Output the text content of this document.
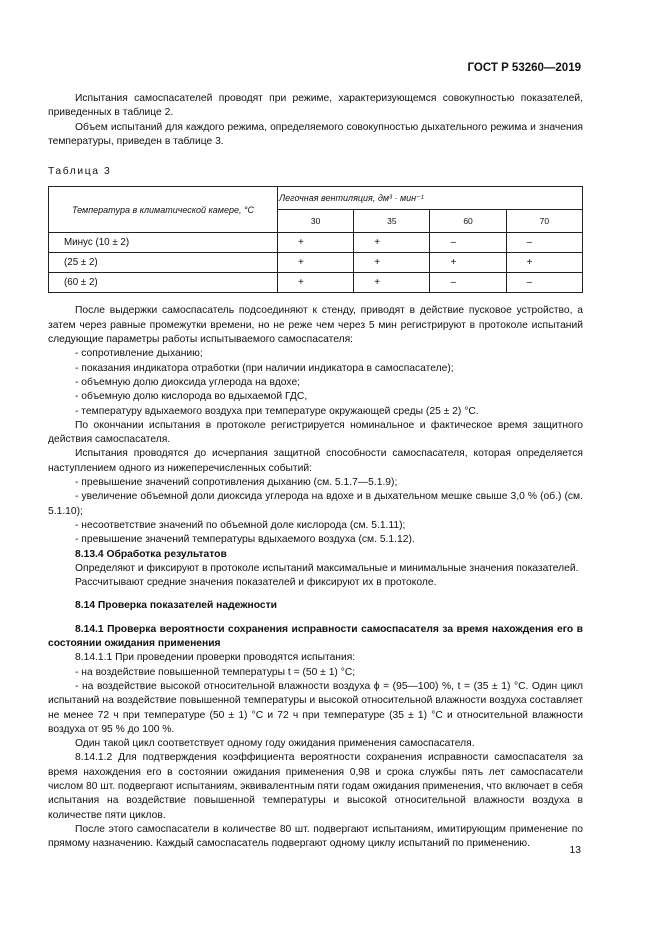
ГОСТ Р 53260—2019

Испытания самоспасателей проводят при режиме, характеризующемся совокупностью показателей, приведенных в таблице 2.

Объем испытаний для каждого режима, определяемого совокупностью дыхательного режима и значения температуры, приведен в таблице 3.

Таблица 3
Температура в климатической камере, °С	Легочная вентиляция, дм³ · мин⁻¹			
	30	35	60	70
Минус (10 ± 2)	+	+	–	–
(25 ± 2)	+	+	+	+
(60 ± 2)	+	+	–	–

После выдержки самоспасатель подсоединяют к стенду, приводят в действие пусковое устройство, а затем через равные промежутки времени, но не реже чем через 5 мин регистрируют в протоколе испытаний следующие параметры работы испытываемого самоспасателя:

- сопротивление дыханию;

- показания индикатора отработки (при наличии индикатора в самоспасателе);

- объемную долю диоксида углерода на вдохе;

- объемную долю кислорода во вдыхаемой ГДС,

- температуру вдыхаемого воздуха при температуре окружающей среды (25 ± 2) °С.

По окончании испытания в протоколе регистрируется номинальное и фактическое время защитного действия самоспасателя.

Испытания проводятся до исчерпания защитной способности самоспасателя, которая определяется наступлением одного из нижеперечисленных событий:

- превышение значений сопротивления дыханию (см. 5.1.7—5.1.9);

- увеличение объемной доли диоксида углерода на вдохе и в дыхательном мешке свыше 3,0 % (об.) (см. 5.1.10);

- несоответствие значений по объемной доле кислорода (см. 5.1.11);

- превышение значений температуры вдыхаемого воздуха (см. 5.1.12).

8.13.4 Обработка результатов

Определяют и фиксируют в протоколе испытаний максимальные и минимальные значения показателей.

Рассчитывают средние значения показателей и фиксируют их в протоколе.

8.14 Проверка показателей надежности

8.14.1 Проверка вероятности сохранения исправности самоспасателя за время нахождения его в состоянии ожидания применения

8.14.1.1 При проведении проверки проводятся испытания:

- на воздействие повышенной температуры t = (50 ± 1) °С;

- на воздействие высокой относительной влажности воздуха ϕ = (95—100) %, t = (35 ± 1) °С. Один цикл испытаний на воздействие повышенной температуры и высокой относительной влажности воздуха составляет не менее 72 ч при температуре (50 ± 1) °С и 72 ч при температуре (35 ± 1) °С и относительной влажности воздуха от 95 % до 100 %.

Один такой цикл соответствует одному году ожидания применения самоспасателя.

8.14.1.2 Для подтверждения коэффициента вероятности сохранения исправности самоспасателя за время нахождения его в состоянии ожидания применения 0,98 и срока службы пять лет самоспасатели числом 80 шт. подвергают испытаниям, эквивалентным пяти годам ожидания применения, что включает в себя испытания на воздействие повышенной температуры и высокой относительной влажности воздуха в количестве пяти циклов.

После этого самоспасатели в количестве 80 шт. подвергают испытаниям, имитирующим применение по прямому назначению. Каждый самоспасатель подвергают одному циклу испытаний по применению.

13
